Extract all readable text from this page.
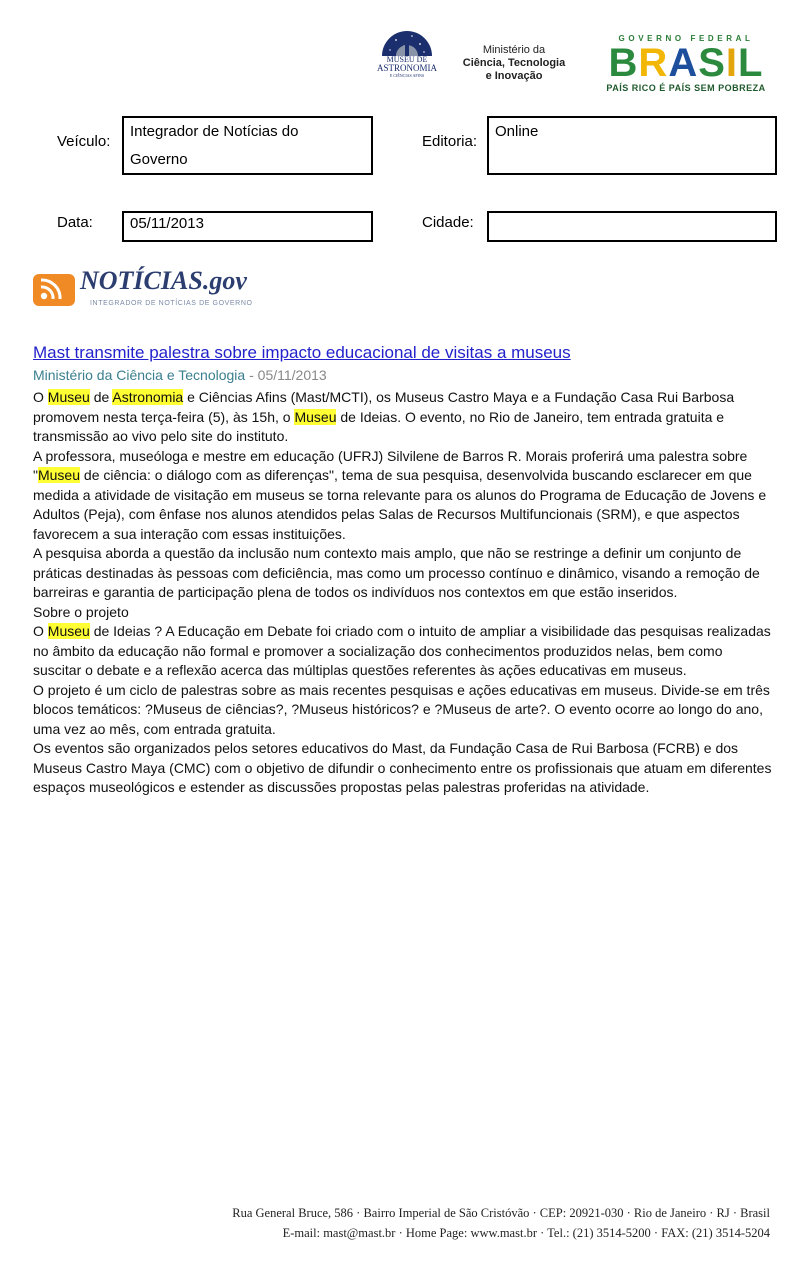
MUSEU DE
ASTRONOMIA
E CIÊNCIAS AFINS
Ministério da
Ciência, Tecnologia
e Inovação
GOVERNO FEDERAL
BRASIL
PAÍS RICO É PAÍS SEM POBREZA
Veículo:
Integrador de Notícias do
Governo
Editoria:
Online
Data: 05/11/2013	Cidade:
NOTÍCIAS.gov
INTEGRADOR DE NOTÍCIAS DE GOVERNO
Mast transmite palestra sobre impacto educacional de visitas a museus
Ministério da Ciência e Tecnologia - 05/11/2013

O Museu de Astronomia e Ciências Afins (Mast/MCTI), os Museus Castro Maya e a Fundação Casa Rui Barbosa promovem nesta terça-feira (5), às 15h, o Museu de Ideias. O evento, no Rio de Janeiro, tem entrada gratuita e transmissão ao vivo pelo site do instituto.

A professora, museóloga e mestre em educação (UFRJ) Silvilene de Barros R. Morais proferirá uma palestra sobre "Museu de ciência: o diálogo com as diferenças", tema de sua pesquisa, desenvolvida buscando esclarecer em que medida a atividade de visitação em museus se torna relevante para os alunos do Programa de Educação de Jovens e Adultos (Peja), com ênfase nos alunos atendidos pelas Salas de Recursos Multifuncionais (SRM), e que aspectos favorecem a sua interação com essas instituições.

A pesquisa aborda a questão da inclusão num contexto mais amplo, que não se restringe a definir um conjunto de práticas destinadas às pessoas com deficiência, mas como um processo contínuo e dinâmico, visando a remoção de barreiras e garantia de participação plena de todos os indivíduos nos contextos em que estão inseridos.

Sobre o projeto

O Museu de Ideias ? A Educação em Debate foi criado com o intuito de ampliar a visibilidade das pesquisas realizadas no âmbito da educação não formal e promover a socialização dos conhecimentos produzidos nelas, bem como suscitar o debate e a reflexão acerca das múltiplas questões referentes às ações educativas em museus.

O projeto é um ciclo de palestras sobre as mais recentes pesquisas e ações educativas em museus. Divide-se em três blocos temáticos: ?Museus de ciências?, ?Museus históricos? e ?Museus de arte?. O evento ocorre ao longo do ano, uma vez ao mês, com entrada gratuita.

Os eventos são organizados pelos setores educativos do Mast, da Fundação Casa de Rui Barbosa (FCRB) e dos Museus Castro Maya (CMC) com o objetivo de difundir o conhecimento entre os profissionais que atuam em diferentes espaços museológicos e estender as discussões propostas pelas palestras proferidas na atividade.

Rua General Bruce, 586 · Bairro Imperial de São Cristóvão · CEP: 20921-030 · Rio de Janeiro · RJ · Brasil
E-mail: mast@mast.br · Home Page: www.mast.br · Tel.: (21) 3514-5200 · FAX: (21) 3514-5204
